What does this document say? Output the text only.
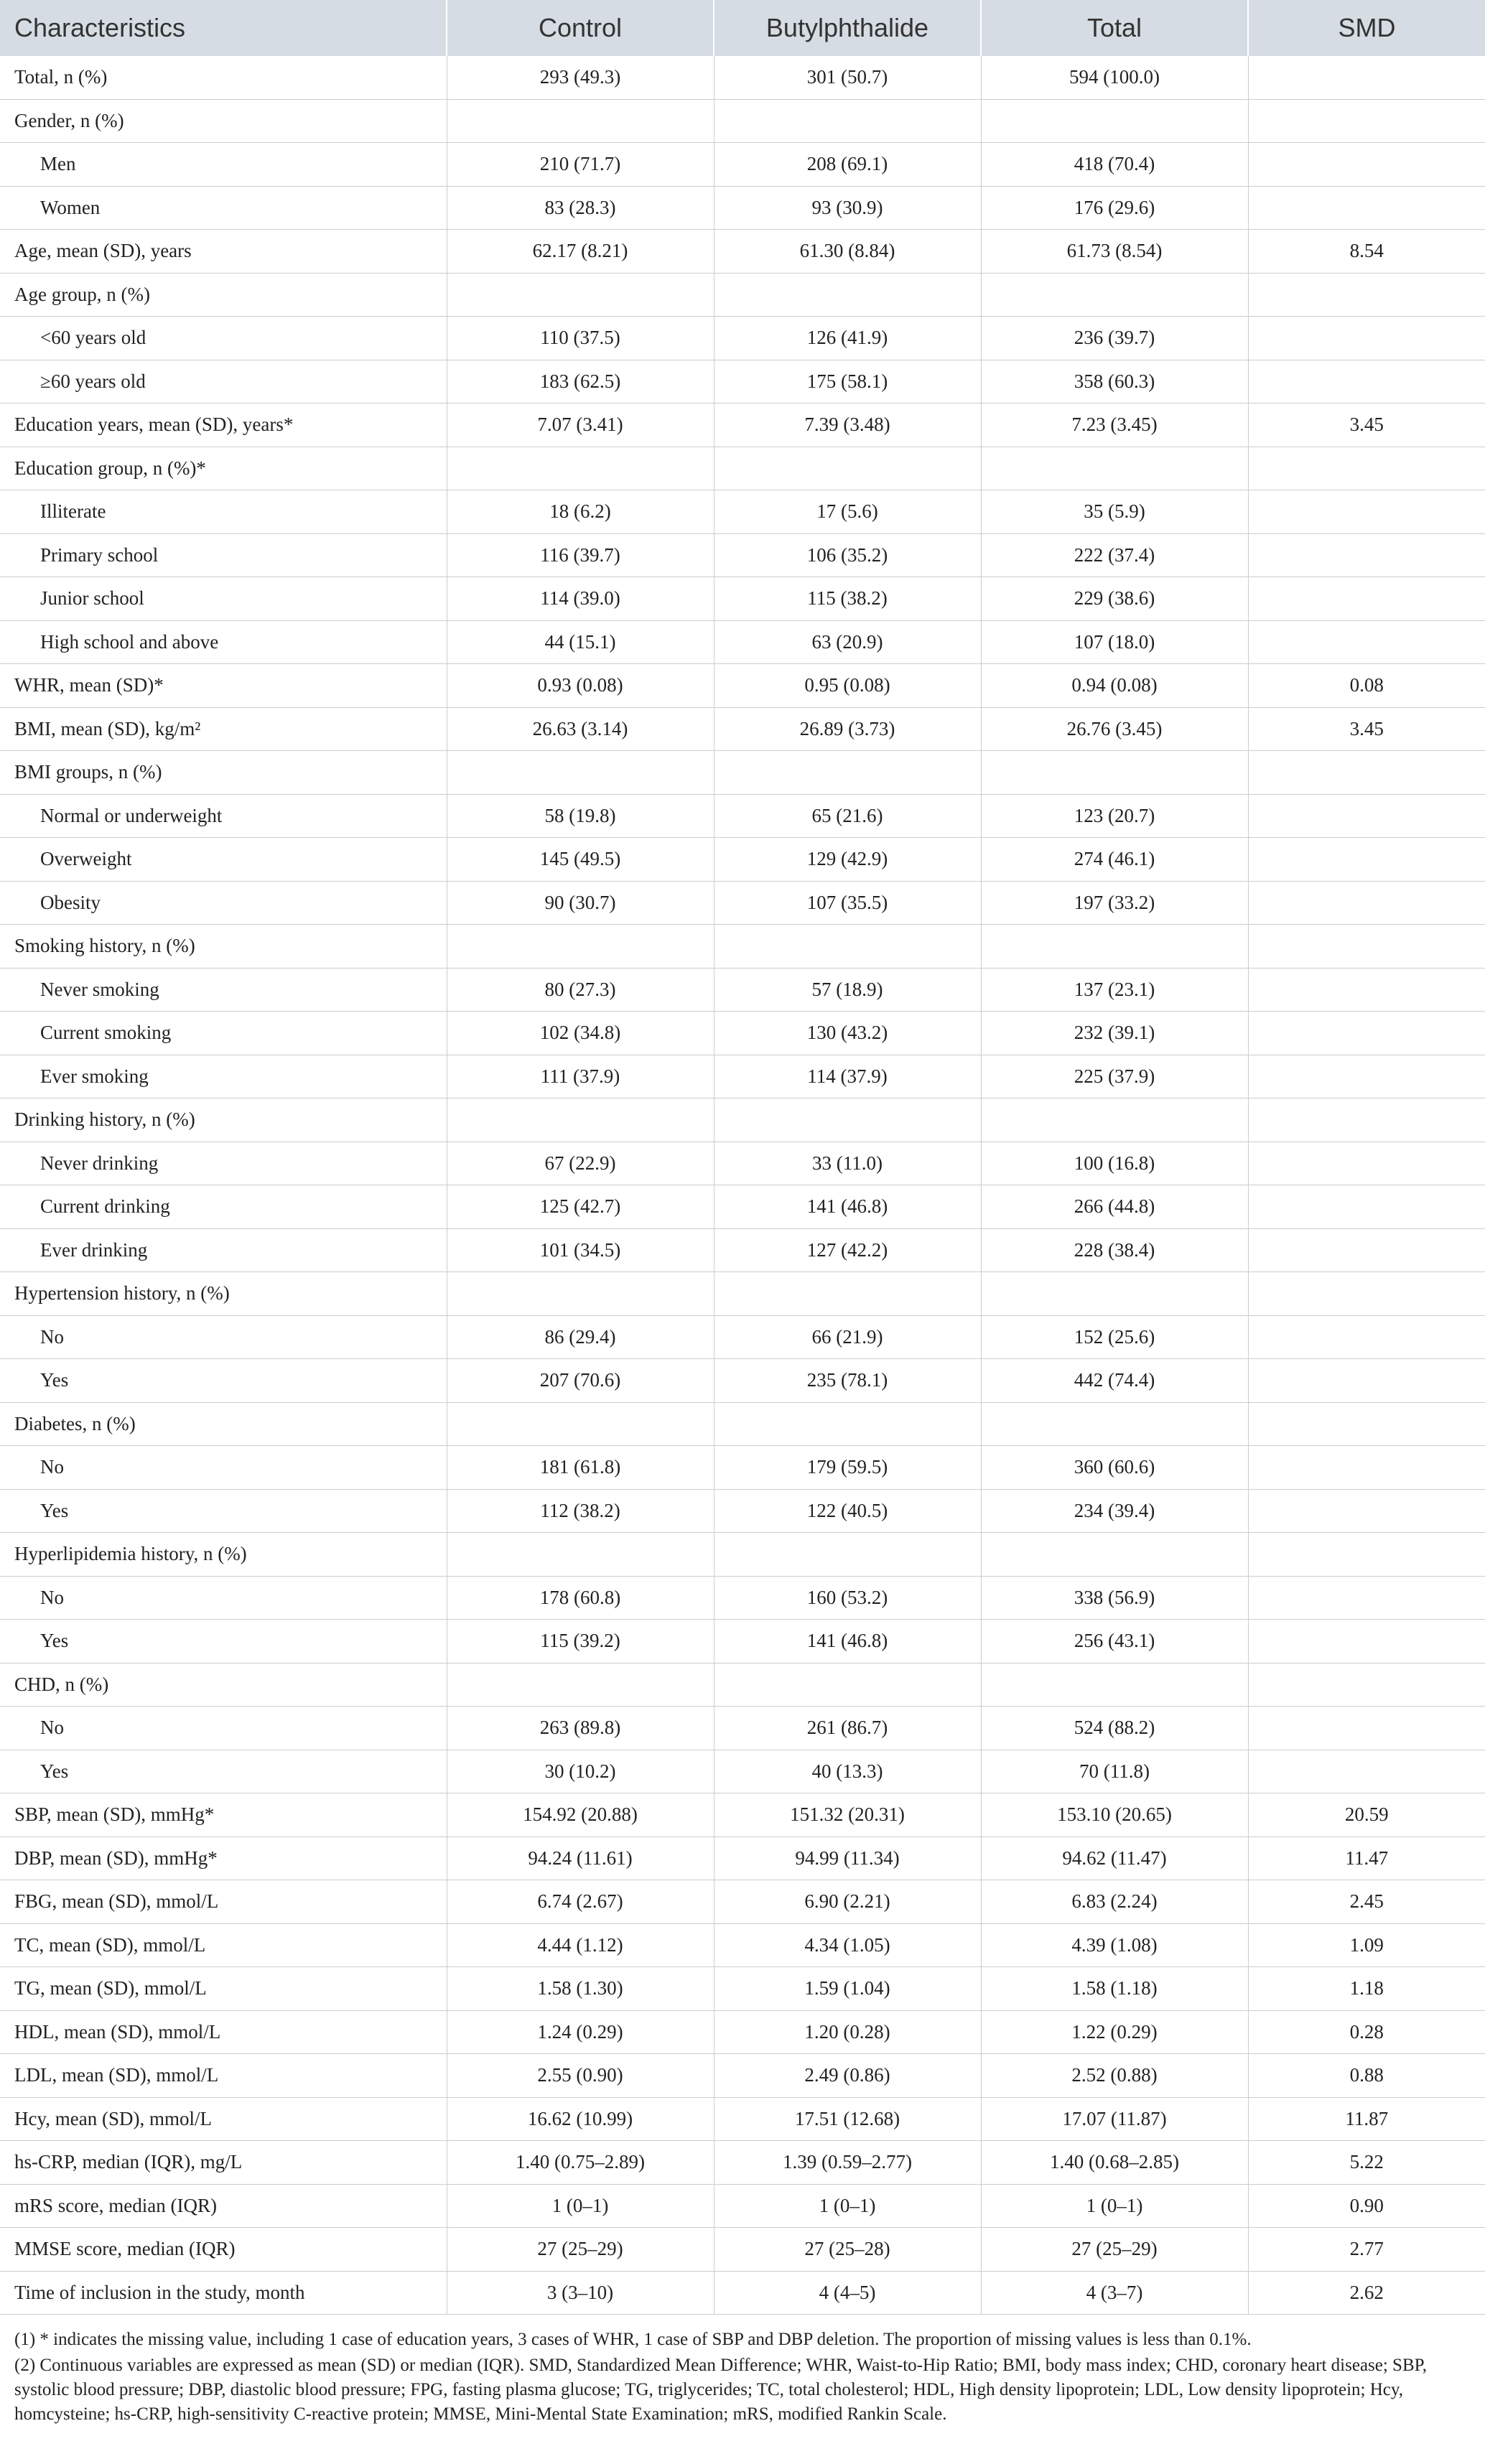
Characteristics	Control	Butylphthalide	Total	SMD
Total, n (%)	293 (49.3)	301 (50.7)	594 (100.0)	
Gender, n (%)				
Men	210 (71.7)	208 (69.1)	418 (70.4)	
Women	83 (28.3)	93 (30.9)	176 (29.6)	
Age, mean (SD), years	62.17 (8.21)	61.30 (8.84)	61.73 (8.54)	8.54
Age group, n (%)				
<60 years old	110 (37.5)	126 (41.9)	236 (39.7)	
≥60 years old	183 (62.5)	175 (58.1)	358 (60.3)	
Education years, mean (SD), years*	7.07 (3.41)	7.39 (3.48)	7.23 (3.45)	3.45
Education group, n (%)*				
Illiterate	18 (6.2)	17 (5.6)	35 (5.9)	
Primary school	116 (39.7)	106 (35.2)	222 (37.4)	
Junior school	114 (39.0)	115 (38.2)	229 (38.6)	
High school and above	44 (15.1)	63 (20.9)	107 (18.0)	
WHR, mean (SD)*	0.93 (0.08)	0.95 (0.08)	0.94 (0.08)	0.08
BMI, mean (SD), kg/m²	26.63 (3.14)	26.89 (3.73)	26.76 (3.45)	3.45
BMI groups, n (%)				
Normal or underweight	58 (19.8)	65 (21.6)	123 (20.7)	
Overweight	145 (49.5)	129 (42.9)	274 (46.1)	
Obesity	90 (30.7)	107 (35.5)	197 (33.2)	
Smoking history, n (%)				
Never smoking	80 (27.3)	57 (18.9)	137 (23.1)	
Current smoking	102 (34.8)	130 (43.2)	232 (39.1)	
Ever smoking	111 (37.9)	114 (37.9)	225 (37.9)	
Drinking history, n (%)				
Never drinking	67 (22.9)	33 (11.0)	100 (16.8)	
Current drinking	125 (42.7)	141 (46.8)	266 (44.8)	
Ever drinking	101 (34.5)	127 (42.2)	228 (38.4)	
Hypertension history, n (%)				
No	86 (29.4)	66 (21.9)	152 (25.6)	
Yes	207 (70.6)	235 (78.1)	442 (74.4)	
Diabetes, n (%)				
No	181 (61.8)	179 (59.5)	360 (60.6)	
Yes	112 (38.2)	122 (40.5)	234 (39.4)	
Hyperlipidemia history, n (%)				
No	178 (60.8)	160 (53.2)	338 (56.9)	
Yes	115 (39.2)	141 (46.8)	256 (43.1)	
CHD, n (%)				
No	263 (89.8)	261 (86.7)	524 (88.2)	
Yes	30 (10.2)	40 (13.3)	70 (11.8)	
SBP, mean (SD), mmHg*	154.92 (20.88)	151.32 (20.31)	153.10 (20.65)	20.59
DBP, mean (SD), mmHg*	94.24 (11.61)	94.99 (11.34)	94.62 (11.47)	11.47
FBG, mean (SD), mmol/L	6.74 (2.67)	6.90 (2.21)	6.83 (2.24)	2.45
TC, mean (SD), mmol/L	4.44 (1.12)	4.34 (1.05)	4.39 (1.08)	1.09
TG, mean (SD), mmol/L	1.58 (1.30)	1.59 (1.04)	1.58 (1.18)	1.18
HDL, mean (SD), mmol/L	1.24 (0.29)	1.20 (0.28)	1.22 (0.29)	0.28
LDL, mean (SD), mmol/L	2.55 (0.90)	2.49 (0.86)	2.52 (0.88)	0.88
Hcy, mean (SD), mmol/L	16.62 (10.99)	17.51 (12.68)	17.07 (11.87)	11.87
hs-CRP, median (IQR), mg/L	1.40 (0.75–2.89)	1.39 (0.59–2.77)	1.40 (0.68–2.85)	5.22
mRS score, median (IQR)	1 (0–1)	1 (0–1)	1 (0–1)	0.90
MMSE score, median (IQR)	27 (25–29)	27 (25–28)	27 (25–29)	2.77
Time of inclusion in the study, month	3 (3–10)	4 (4–5)	4 (3–7)	2.62

(1) * indicates the missing value, including 1 case of education years, 3 cases of WHR, 1 case of SBP and DBP deletion. The proportion of missing values is less than 0.1%.

(2) Continuous variables are expressed as mean (SD) or median (IQR). SMD, Standardized Mean Difference; WHR, Waist-to-Hip Ratio; BMI, body mass index; CHD, coronary heart disease; SBP, systolic blood pressure; DBP, diastolic blood pressure; FPG, fasting plasma glucose; TG, triglycerides; TC, total cholesterol; HDL, High density lipoprotein; LDL, Low density lipoprotein; Hcy, homcysteine; hs-CRP, high-sensitivity C-reactive protein; MMSE, Mini-Mental State Examination; mRS, modified Rankin Scale.
